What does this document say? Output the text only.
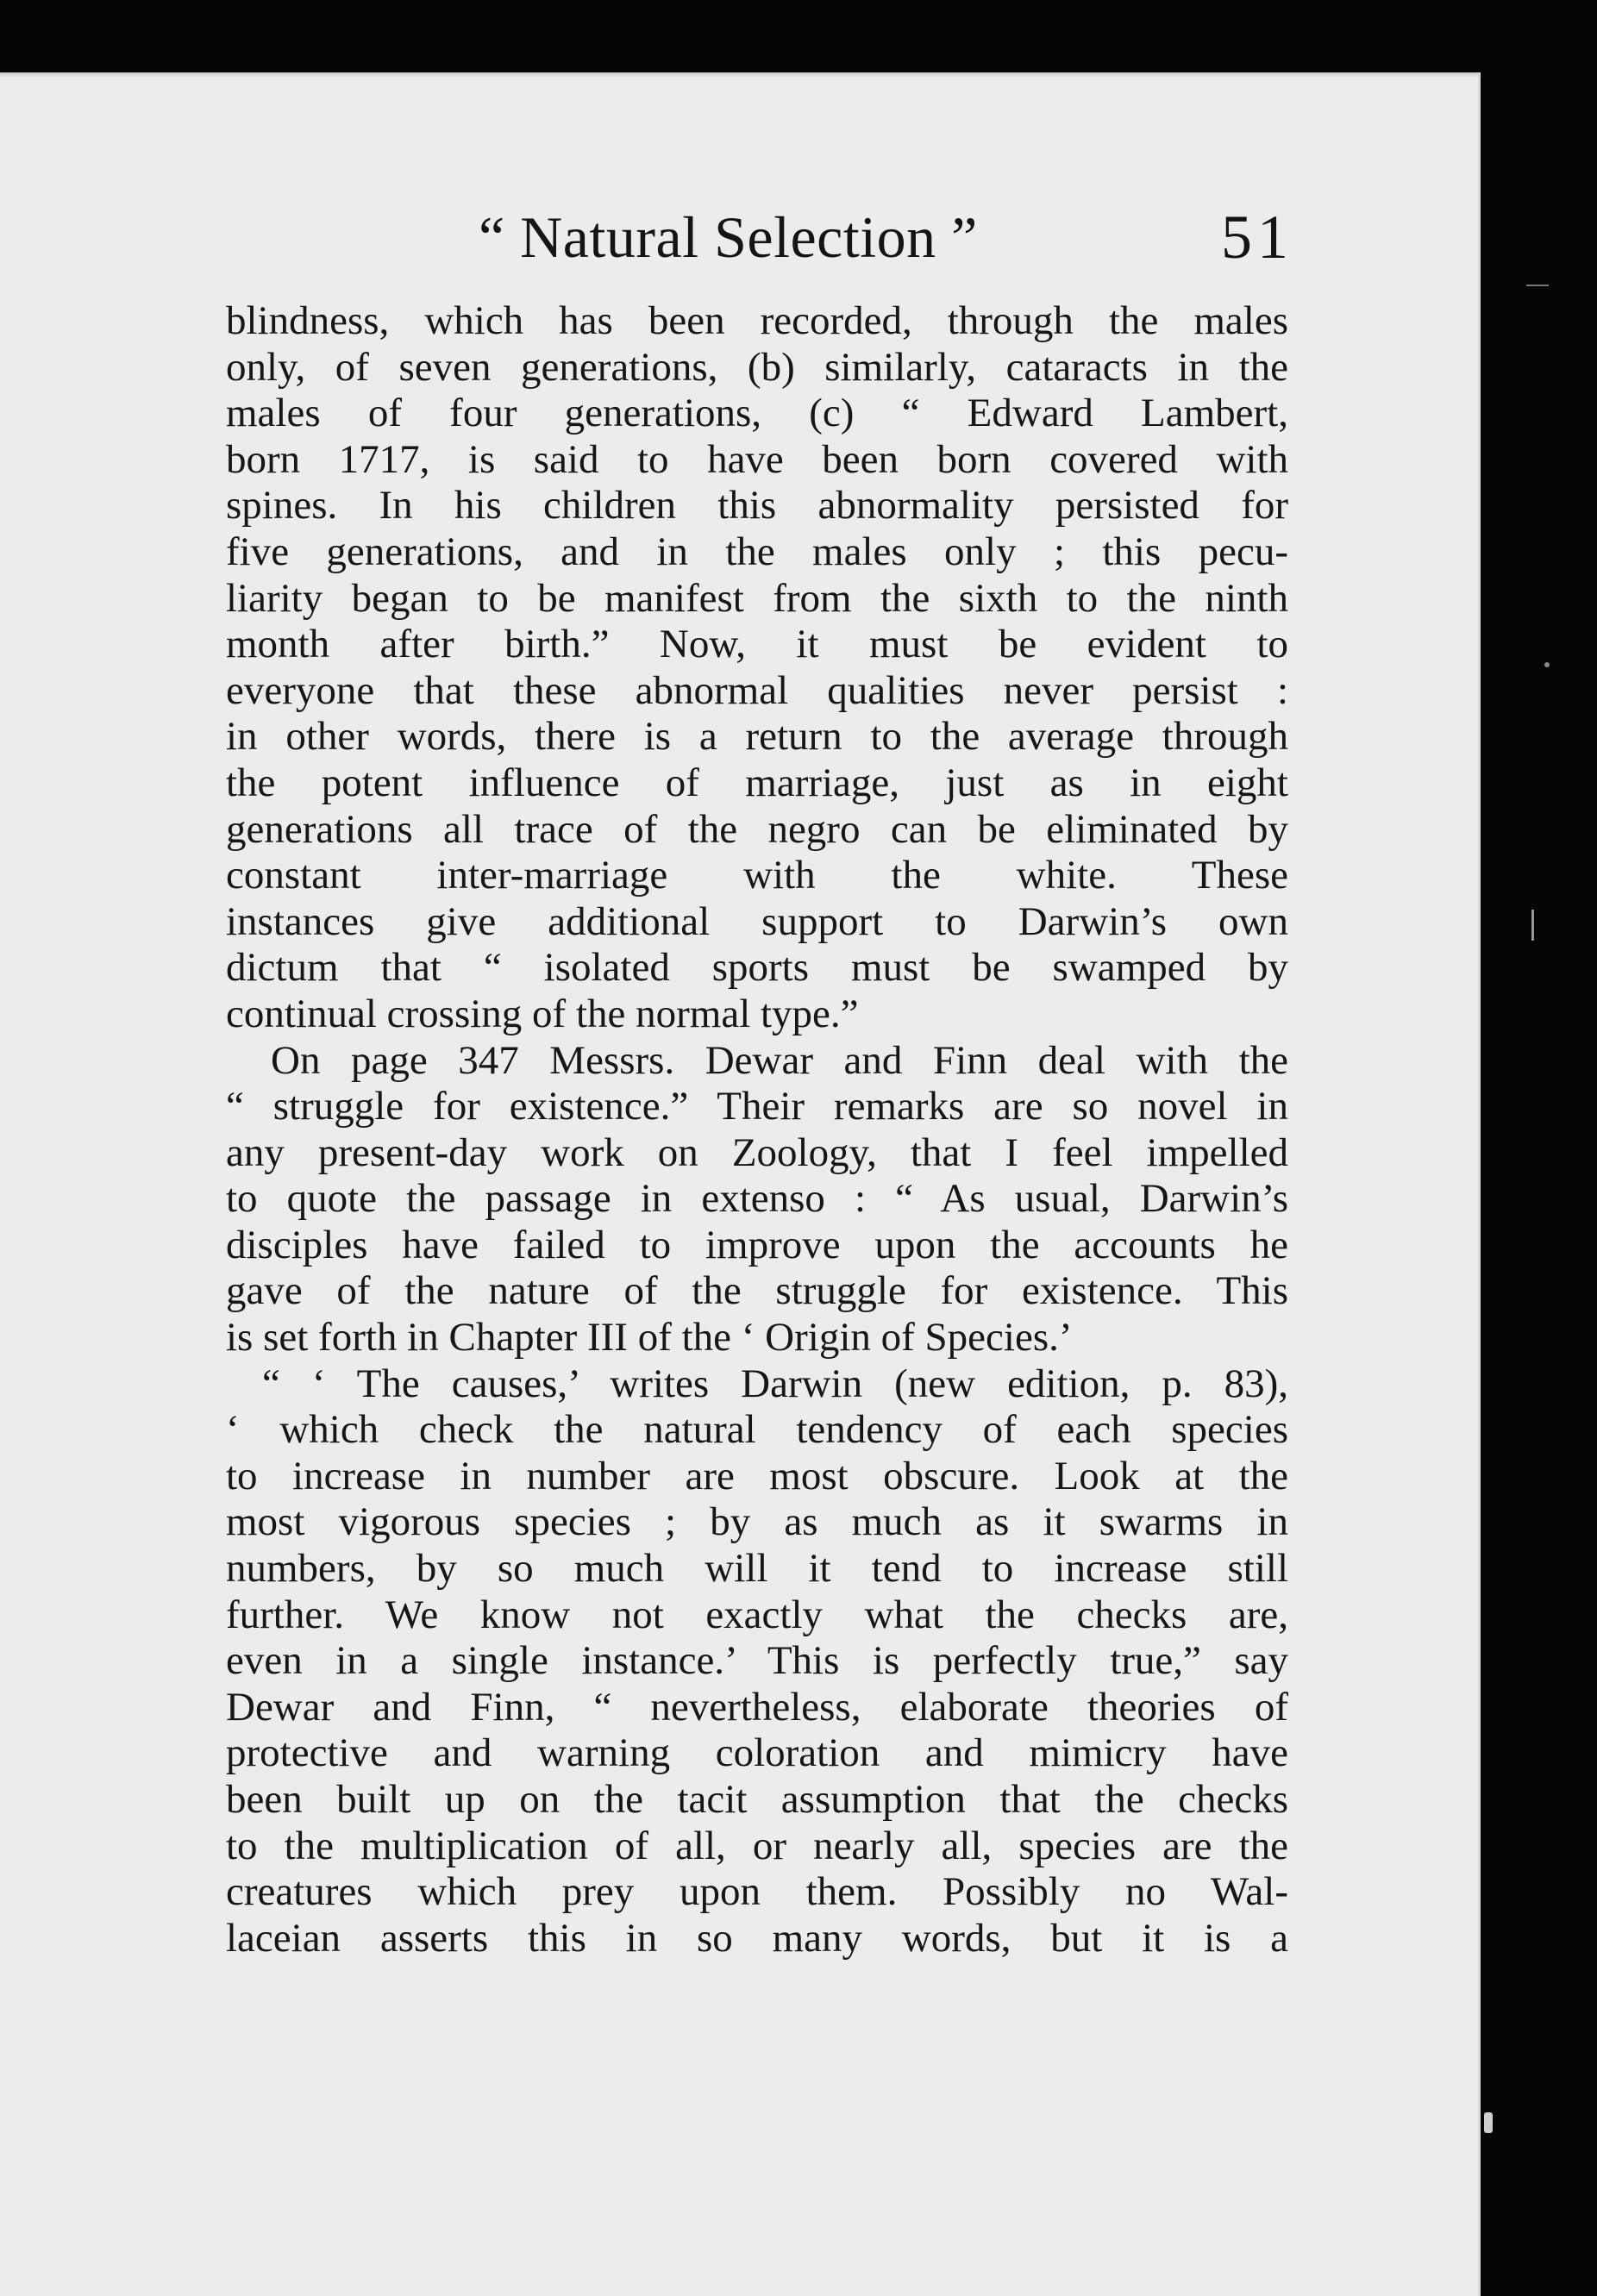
“ Natural Selection ”	51
blindness, which has been recorded, through the males
only, of seven generations, (b) similarly, cataracts in the
males of four generations, (c) “ Edward Lambert,
born 1717, is said to have been born covered with
spines. In his children this abnormality persisted for
five generations, and in the males only ; this pecu-
liarity began to be manifest from the sixth to the ninth
month after birth.” Now, it must be evident to
everyone that these abnormal qualities never persist :
in other words, there is a return to the average through
the potent influence of marriage, just as in eight
generations all trace of the negro can be eliminated by
constant inter-marriage with the white. These
instances give additional support to Darwin’s own
dictum that “ isolated sports must be swamped by
continual crossing of the normal type.”
On page 347 Messrs. Dewar and Finn deal with the
“ struggle for existence.” Their remarks are so novel in
any present-day work on Zoology, that I feel impelled
to quote the passage in extenso : “ As usual, Darwin’s
disciples have failed to improve upon the accounts he
gave of the nature of the struggle for existence. This
is set forth in Chapter III of the ‘ Origin of Species.’
“ ‘ The causes,’ writes Darwin (new edition, p. 83),
‘ which check the natural tendency of each species
to increase in number are most obscure. Look at the
most vigorous species ; by as much as it swarms in
numbers, by so much will it tend to increase still
further. We know not exactly what the checks are,
even in a single instance.’ This is perfectly true,” say
Dewar and Finn, “ nevertheless, elaborate theories of
protective and warning coloration and mimicry have
been built up on the tacit assumption that the checks
to the multiplication of all, or nearly all, species are the
creatures which prey upon them. Possibly no Wal-
laceian asserts this in so many words, but it is a
